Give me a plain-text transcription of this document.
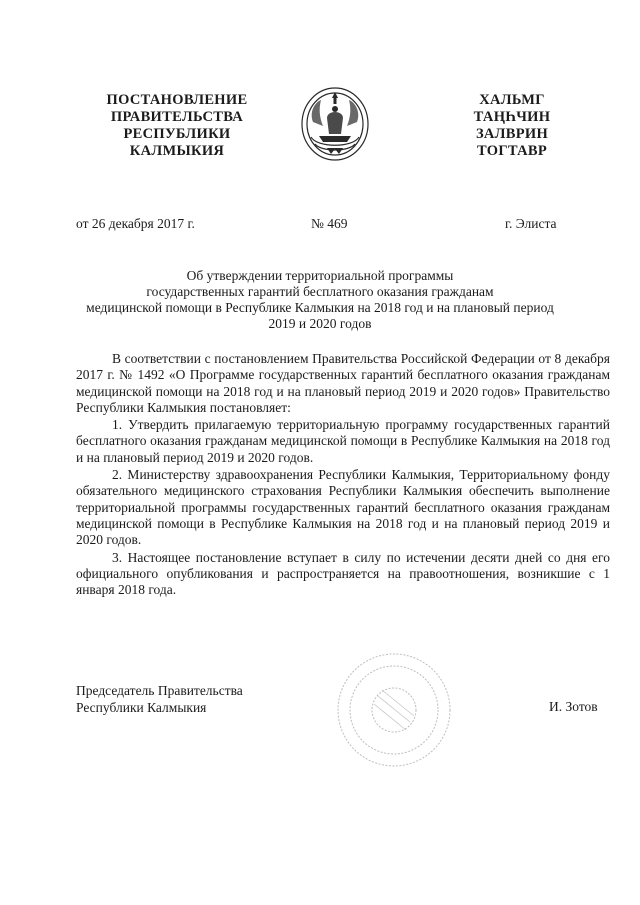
ПОСТАНОВЛЕНИЕ
ПРАВИТЕЛЬСТВА
РЕСПУБЛИКИ
КАЛМЫКИЯ
ХАЛЬМГ
ТАҢҺЧИН
ЗАЛВРИН
ТОГТАВР
от 26 декабря 2017 г.	№ 469	г. Элиста
Об утверждении территориальной программы
государственных гарантий бесплатного оказания гражданам
медицинской помощи в Республике Калмыкия на 2018 год и на плановый период
2019 и 2020 годов

В соответствии с постановлением Правительства Российской Федерации от 8 декабря 2017 г. № 1492 «О Программе государственных гарантий бесплатного оказания гражданам медицинской помощи на 2018 год и на плановый период 2019 и 2020 годов» Правительство Республики Калмыкия постановляет:

1. Утвердить прилагаемую территориальную программу государственных гарантий бесплатного оказания гражданам медицинской помощи в Республике Калмыкия на 2018 год и на плановый период 2019 и 2020 годов.

2. Министерству здравоохранения Республики Калмыкия, Территориальному фонду обязательного медицинского страхования Республики Калмыкия обеспечить выполнение территориальной программы государственных гарантий бесплатного оказания гражданам медицинской помощи в Республике Калмыкия на 2018 год и на плановый период 2019 и 2020 годов.

3. Настоящее постановление вступает в силу по истечении десяти дней со дня его официального опубликования и распространяется на правоотношения, возникшие с 1 января 2018 года.

Председатель Правительства
Республики Калмыкия	И. Зотов
